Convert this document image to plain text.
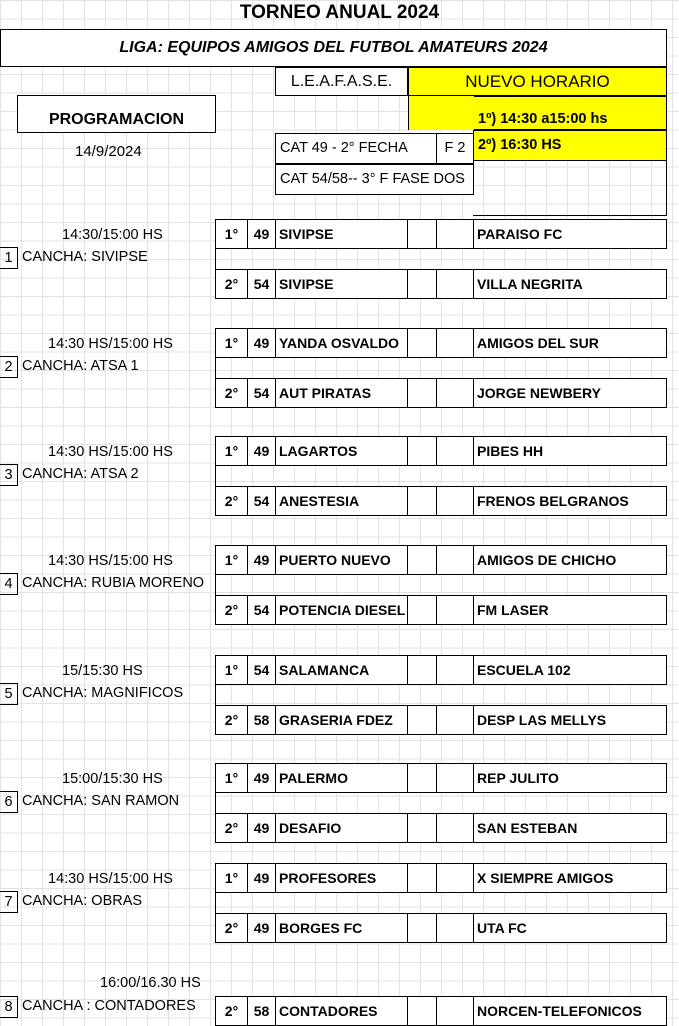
TORNEO ANUAL 2024
LIGA: EQUIPOS AMIGOS DEL FUTBOL AMATEURS 2024
L.E.A.F.A.S.E.	NUEVO HORARIO
1º) 14:30 a15:00 hs
2º) 16:30 HS
PROGRAMACION
14/9/2024	CAT 49 - 2° FECHA	F 2
CAT 54/58-- 3° F FASE DOS
14:30/15:00 HS
1 CANCHA: SIVIPSE
1°	49 SIVIPSE	PARAISO FC
2°	54 SIVIPSE	VILLA NEGRITA
14:30 HS/15:00 HS
2 CANCHA: ATSA 1
1°	49 YANDA OSVALDO	AMIGOS DEL SUR
2°	54 AUT PIRATAS	JORGE NEWBERY
14:30 HS/15:00 HS
3 CANCHA: ATSA 2
1°	49 LAGARTOS	PIBES HH
2°	54 ANESTESIA	FRENOS BELGRANOS
14:30 HS/15:00 HS
4 CANCHA: RUBIA MORENO
1°	49 PUERTO NUEVO	AMIGOS DE CHICHO
2°	54 POTENCIA DIESEL	FM LASER
15/15:30 HS
5 CANCHA: MAGNIFICOS
1°	54 SALAMANCA	ESCUELA 102
2°	58 GRASERIA FDEZ	DESP LAS MELLYS
15:00/15:30 HS
6 CANCHA: SAN RAMON
1°	49 PALERMO	REP JULITO
2°	49 DESAFIO	SAN ESTEBAN
14:30 HS/15:00 HS
7 CANCHA: OBRAS
1°	49 PROFESORES	X SIEMPRE AMIGOS
2°	49 BORGES FC	UTA FC
16:00/16.30 HS
8 CANCHA : CONTADORES	2°	58 CONTADORES	NORCEN-TELEFONICOS
